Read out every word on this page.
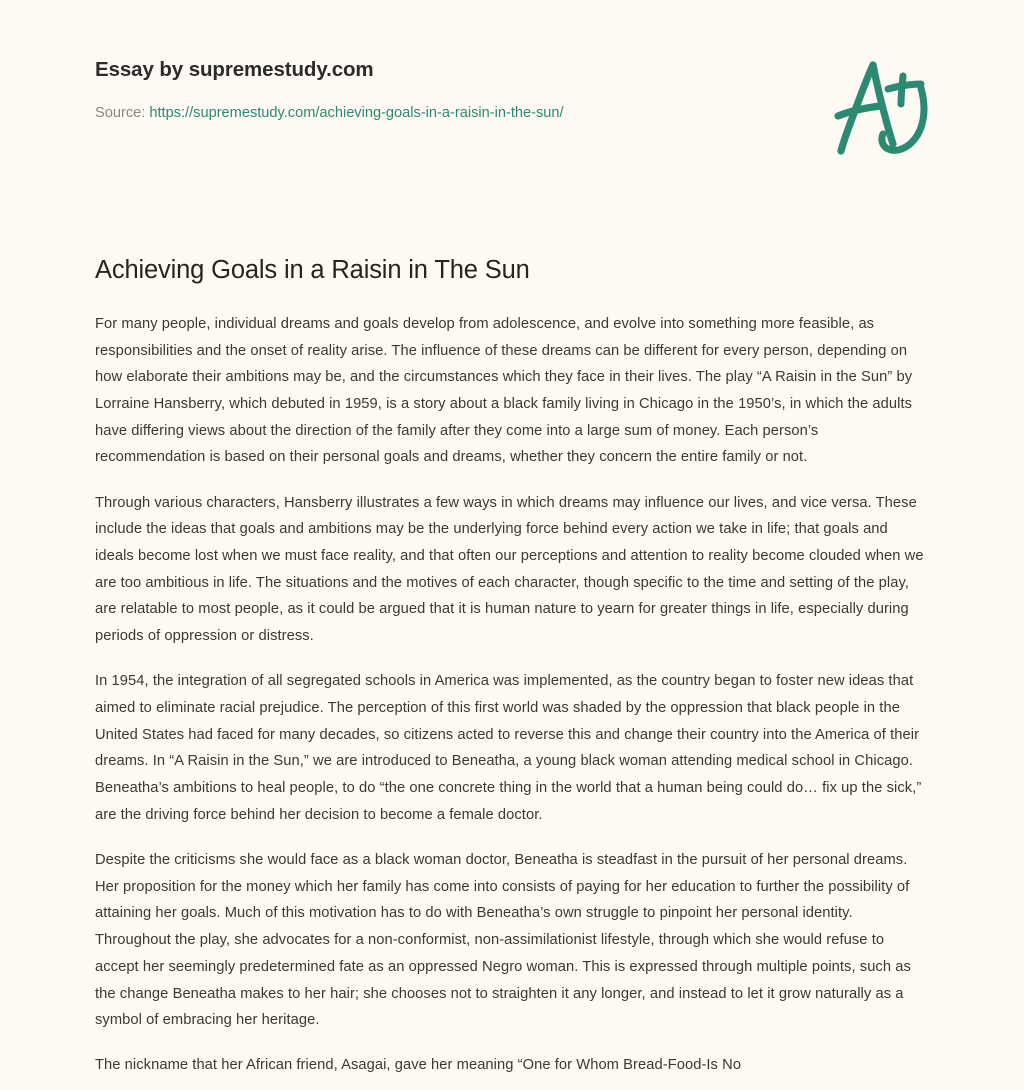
Essay by supremestudy.com
Source: https://supremestudy.com/achieving-goals-in-a-raisin-in-the-sun/
Achieving Goals in a Raisin in The Sun

For many people, individual dreams and goals develop from adolescence, and evolve into something more feasible, as responsibilities and the onset of reality arise. The influence of these dreams can be different for every person, depending on how elaborate their ambitions may be, and the circumstances which they face in their lives. The play “A Raisin in the Sun” by Lorraine Hansberry, which debuted in 1959, is a story about a black family living in Chicago in the 1950’s, in which the adults have differing views about the direction of the family after they come into a large sum of money. Each person’s recommendation is based on their personal goals and dreams, whether they concern the entire family or not.

Through various characters, Hansberry illustrates a few ways in which dreams may influence our lives, and vice versa. These include the ideas that goals and ambitions may be the underlying force behind every action we take in life; that goals and ideals become lost when we must face reality, and that often our perceptions and attention to reality become clouded when we are too ambitious in life. The situations and the motives of each character, though specific to the time and setting of the play, are relatable to most people, as it could be argued that it is human nature to yearn for greater things in life, especially during periods of oppression or distress.

In 1954, the integration of all segregated schools in America was implemented, as the country began to foster new ideas that aimed to eliminate racial prejudice. The perception of this first world was shaded by the oppression that black people in the United States had faced for many decades, so citizens acted to reverse this and change their country into the America of their dreams. In “A Raisin in the Sun,” we are introduced to Beneatha, a young black woman attending medical school in Chicago. Beneatha’s ambitions to heal people, to do “the one concrete thing in the world that a human being could do… fix up the sick,” are the driving force behind her decision to become a female doctor.

Despite the criticisms she would face as a black woman doctor, Beneatha is steadfast in the pursuit of her personal dreams. Her proposition for the money which her family has come into consists of paying for her education to further the possibility of attaining her goals. Much of this motivation has to do with Beneatha’s own struggle to pinpoint her personal identity. Throughout the play, she advocates for a non-conformist, non-assimilationist lifestyle, through which she would refuse to accept her seemingly predetermined fate as an oppressed Negro woman. This is expressed through multiple points, such as the change Beneatha makes to her hair; she chooses not to straighten it any longer, and instead to let it grow naturally as a symbol of embracing her heritage.

The nickname that her African friend, Asagai, gave her meaning “One for Whom Bread-Food-Is No
